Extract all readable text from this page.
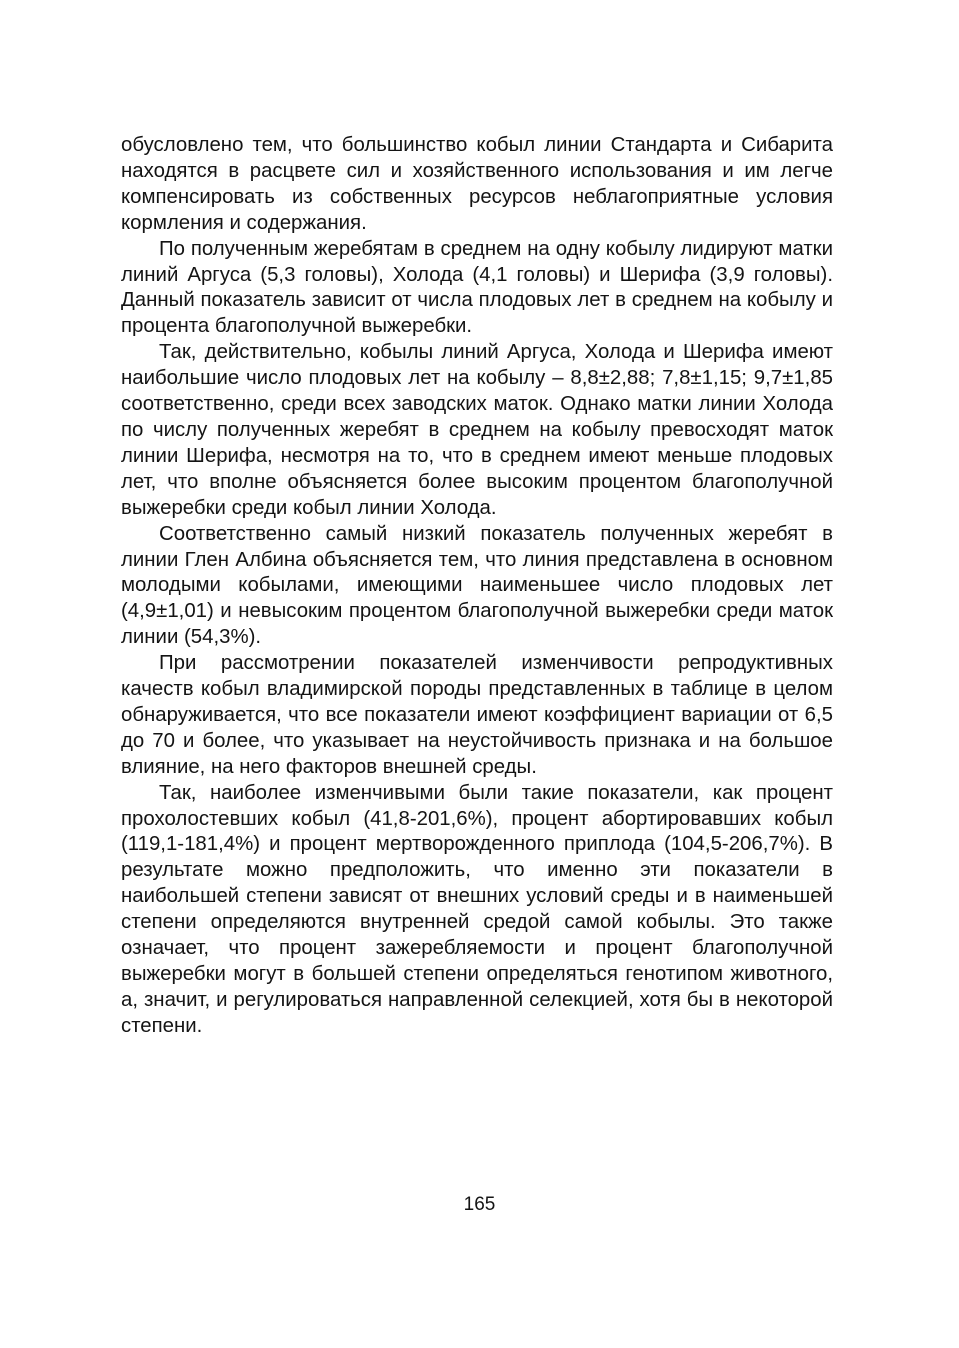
обусловлено тем, что большинство кобыл линии Стандарта и Сибарита находятся в расцвете сил и хозяйственного использования и им легче компенсировать из собственных ресурсов неблагоприятные условия кормления и содержания.

По полученным жеребятам в среднем на одну кобылу лидируют матки линий Аргуса (5,3 головы), Холода (4,1 головы) и Шерифа (3,9 головы). Данный показатель зависит от числа плодовых лет в среднем на кобылу и процента благополучной выжеребки.

Так, действительно, кобылы линий Аргуса, Холода и Шерифа имеют наибольшие число плодовых лет на кобылу – 8,8±2,88; 7,8±1,15; 9,7±1,85 соответственно, среди всех заводских маток. Однако матки линии Холода по числу полученных жеребят в среднем на кобылу превосходят маток линии Шерифа, несмотря на то, что в среднем имеют меньше плодовых лет, что вполне объясняется более высоким процентом благополучной выжеребки среди кобыл линии Холода.

Соответственно самый низкий показатель полученных жеребят в линии Глен Албина объясняется тем, что линия представлена в основном молодыми кобылами, имеющими наименьшее число плодовых лет (4,9±1,01) и невысоким процентом благополучной выжеребки среди маток линии (54,3%).

При рассмотрении показателей изменчивости репродуктивных качеств кобыл владимирской породы представленных в таблице в целом обнаруживается, что все показатели имеют коэффициент вариации от 6,5 до 70 и более, что указывает на неустойчивость признака и на большое влияние, на него факторов внешней среды.

Так, наиболее изменчивыми были такие показатели, как процент прохолостевших кобыл (41,8-201,6%), процент абортировавших кобыл (119,1-181,4%) и процент мертворожденного приплода (104,5-206,7%). В результате можно предположить, что именно эти показатели в наибольшей степени зависят от внешних условий среды и в наименьшей степени определяются внутренней средой самой кобылы. Это также означает, что процент зажеребляемости и процент благополучной выжеребки могут в большей степени определяться генотипом животного, а, значит, и регулироваться направленной селекцией, хотя бы в некоторой степени.

165
